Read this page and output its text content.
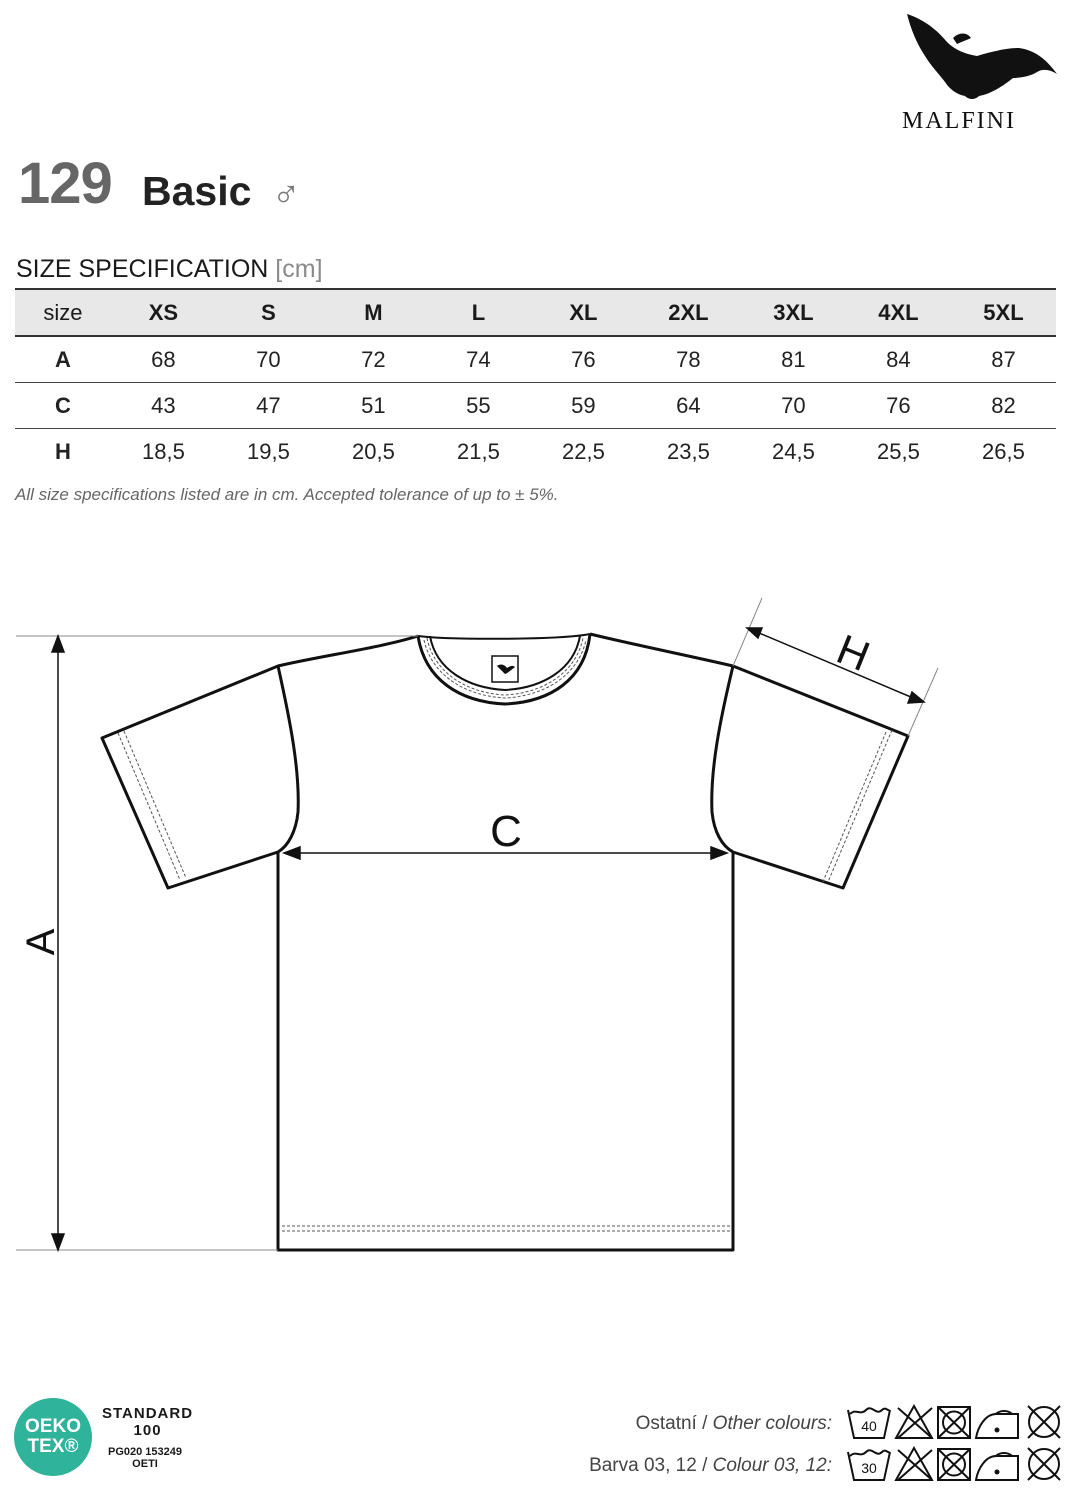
MALFINI
129 Basic ♂
SIZE SPECIFICATION [cm]
size	XS	S	M	L	XL	2XL	3XL	4XL	5XL
A	68	70	72	74	76	78	81	84	87
C	43	47	51	55	59	64	70	76	82
H	18,5	19,5	20,5	21,5	22,5	23,5	24,5	25,5	26,5
All size specifications listed are in cm. Accepted tolerance of up to ± 5%.
A
C
H
OEKO
TEX®
STANDARD
100
PG020 153249
OETI
Ostatní / Other colours:
Barva 03, 12 / Colour 03, 12:
40
30
